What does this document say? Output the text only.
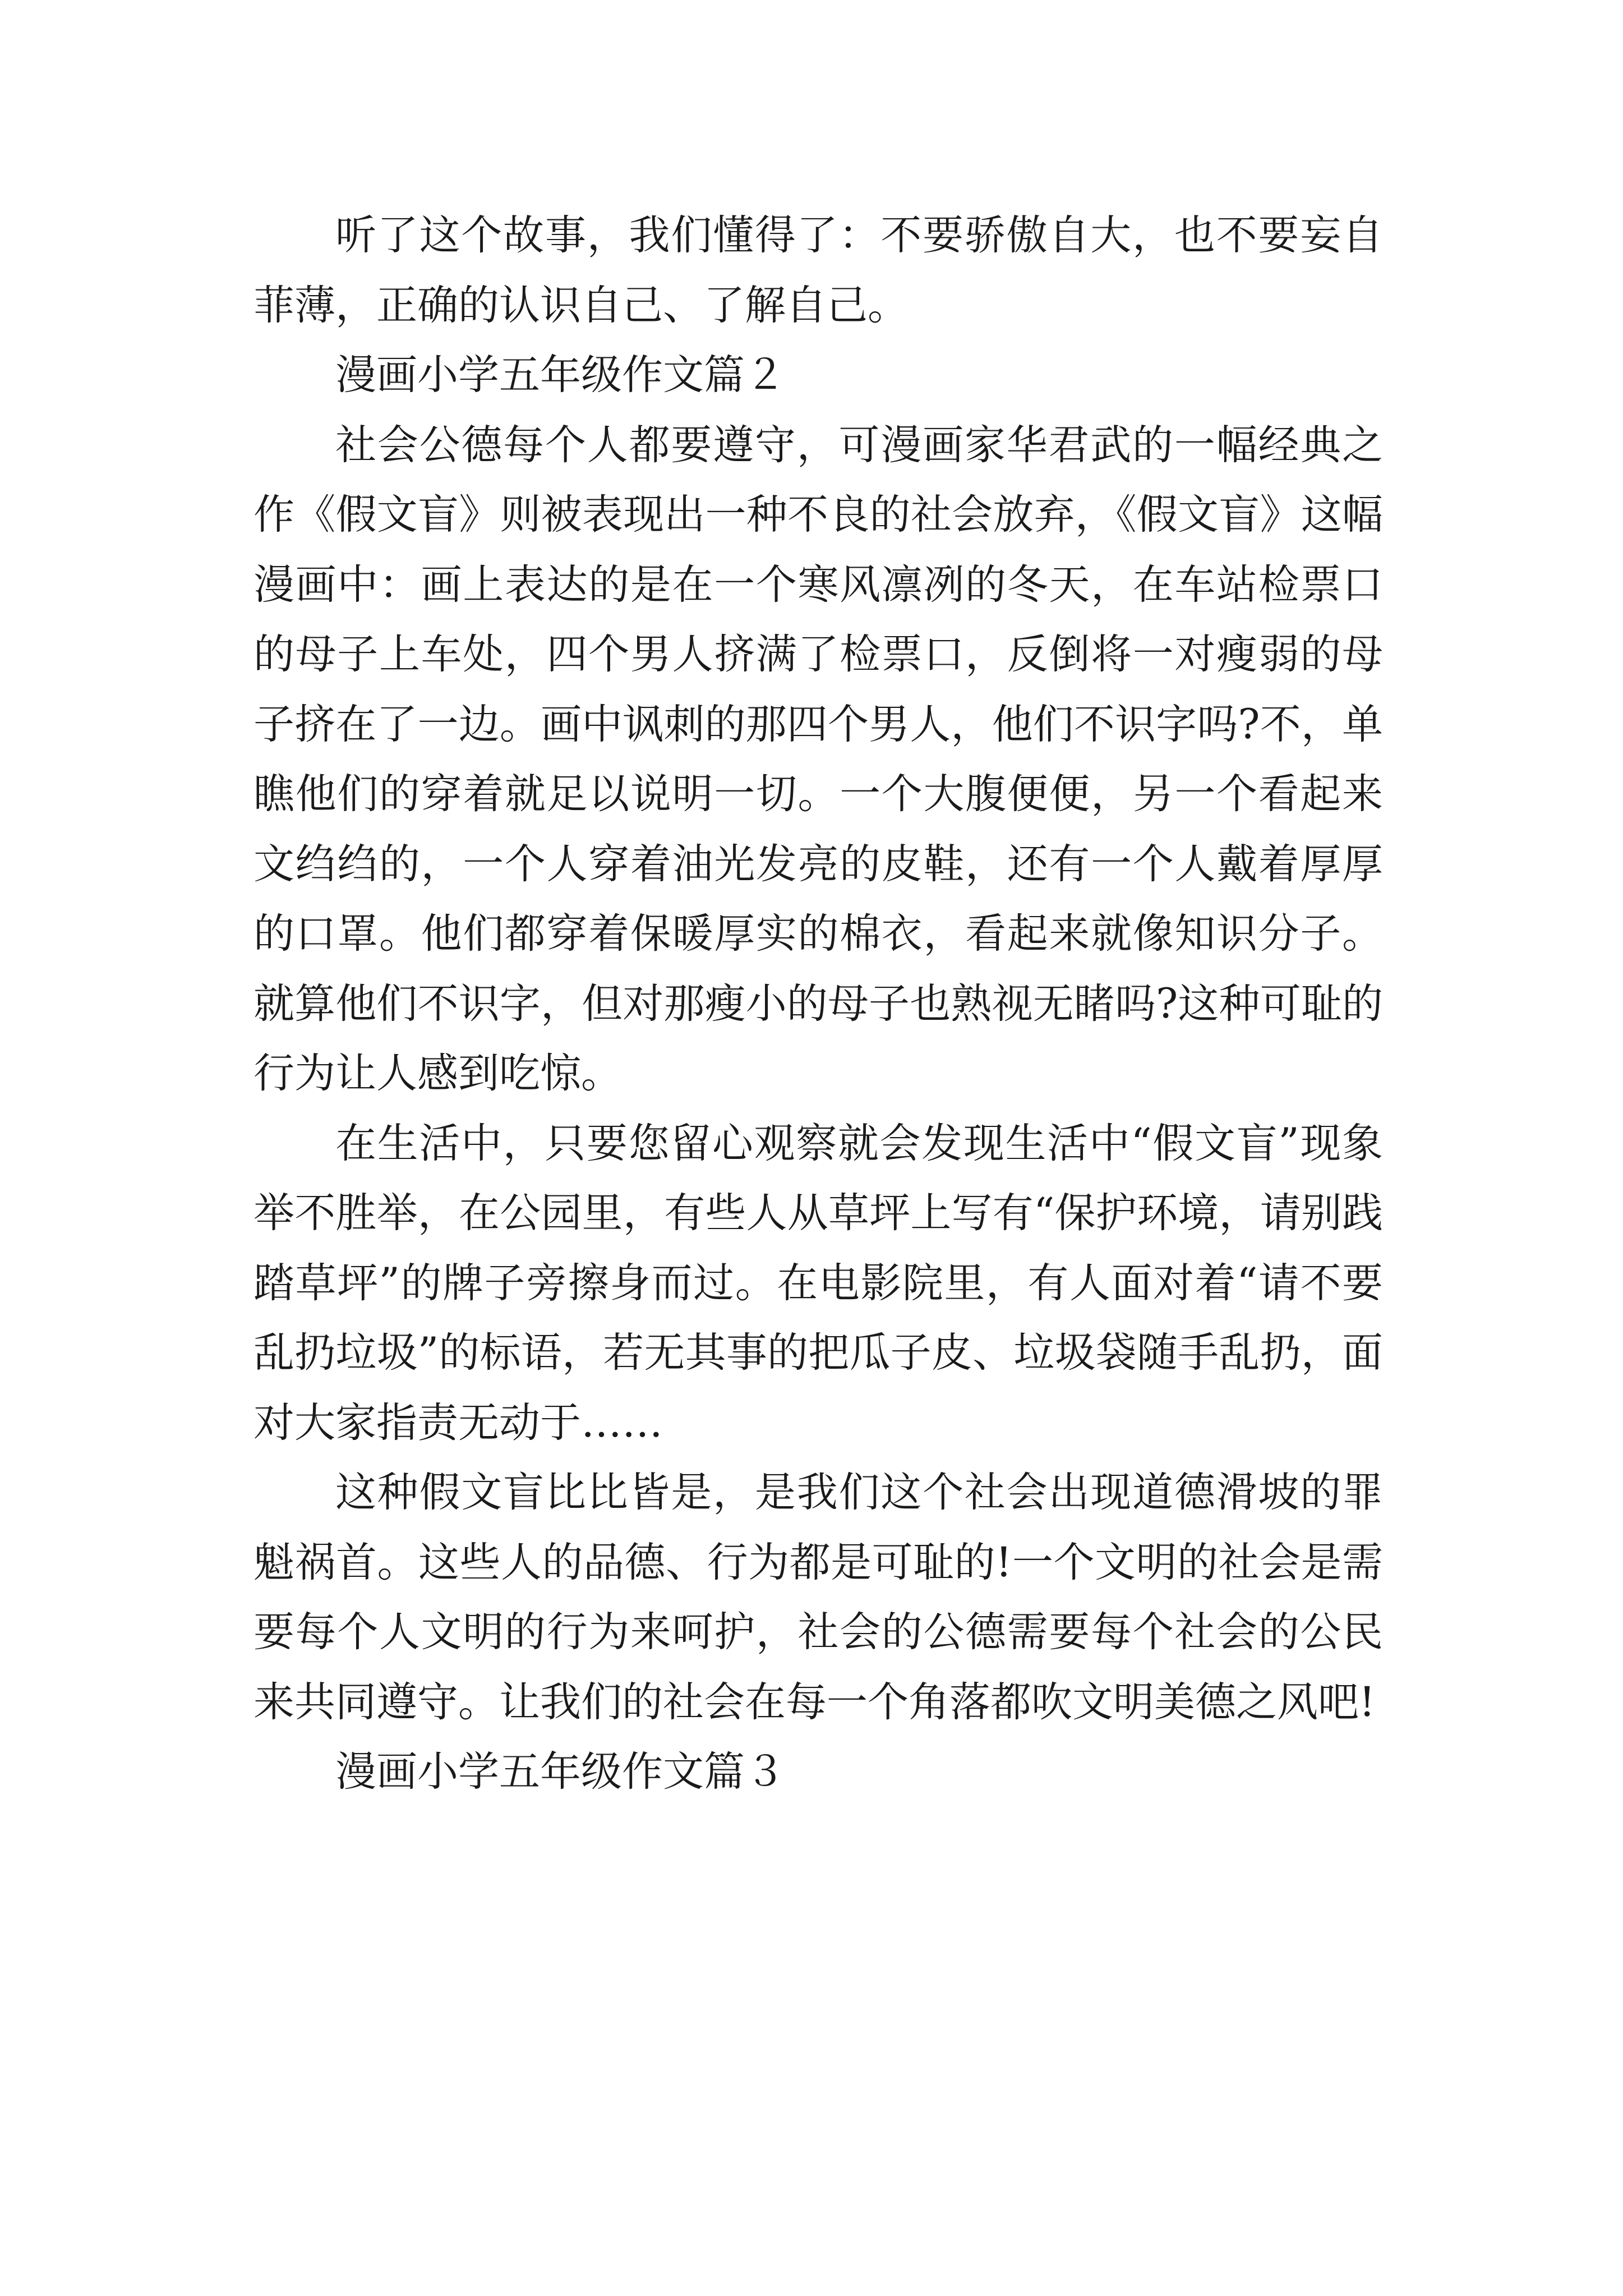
听了这个故事，我们懂得了：不要骄傲自大，也不要妄自菲薄，正确的认识自己、了解自己。

漫画小学五年级作文篇２

社会公德每个人都要遵守，可漫画家华君武的一幅经典之作《假文盲》则被表现出一种不良的社会放弃，《假文盲》这幅漫画中：画上表达的是在一个寒风凛冽的冬天，在车站检票口的母子上车处，四个男人挤满了检票口，反倒将一对瘦弱的母子挤在了一边。画中讽刺的那四个男人，他们不识字吗?不，单瞧他们的穿着就足以说明一切。一个大腹便便，另一个看起来文绉绉的，一个人穿着油光发亮的皮鞋，还有一个人戴着厚厚的口罩。他们都穿着保暖厚实的棉衣，看起来就像知识分子。就算他们不识字，但对那瘦小的母子也熟视无睹吗?这种可耻的行为让人感到吃惊。

在生活中，只要您留心观察就会发现生活中“假文盲”现象举不胜举，在公园里，有些人从草坪上写有“保护环境，请别践踏草坪”的牌子旁擦身而过。在电影院里，有人面对着“请不要乱扔垃圾”的标语，若无其事的把瓜子皮、垃圾袋随手乱扔，面对大家指责无动于……

这种假文盲比比皆是，是我们这个社会出现道德滑坡的罪魁祸首。这些人的品德、行为都是可耻的!一个文明的社会是需要每个人文明的行为来呵护，社会的公德需要每个社会的公民来共同遵守。让我们的社会在每一个角落都吹文明美德之风吧!

漫画小学五年级作文篇３
